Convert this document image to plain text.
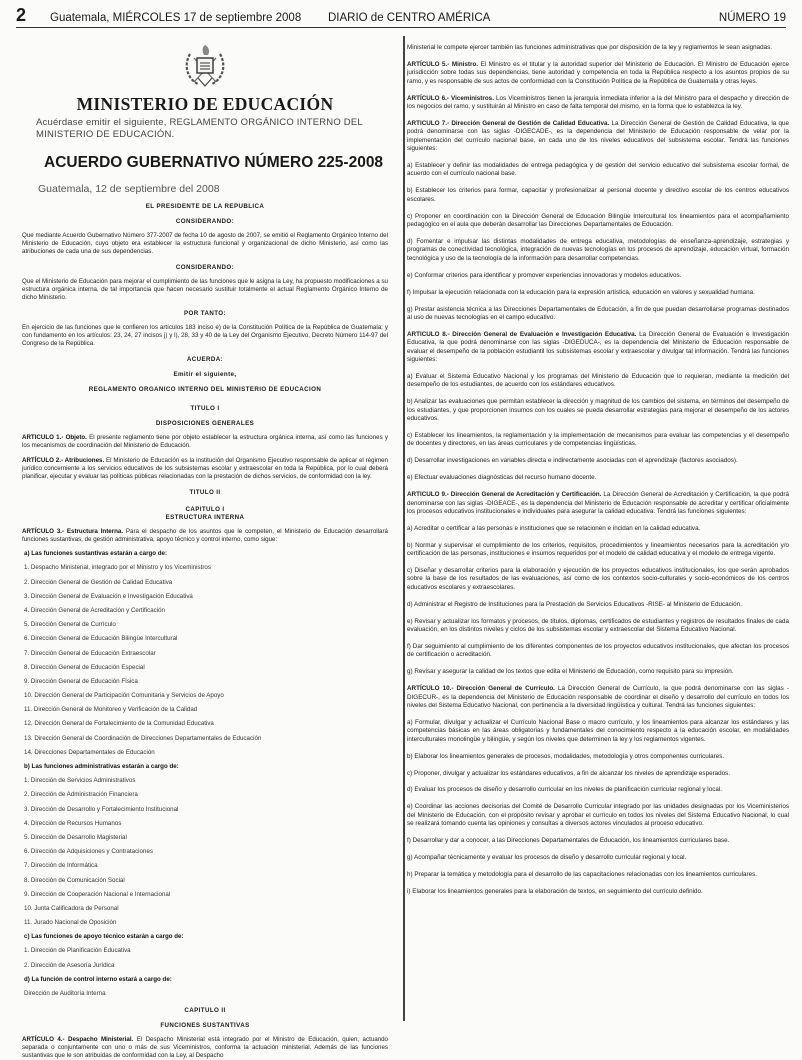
2	Guatemala, MIÉRCOLES 17 de septiembre 2008	DIARIO de CENTRO AMÉRICA	NÚMERO 19
MINISTERIO DE EDUCACIÓN
Acuérdase emitir el siguiente, REGLAMENTO ORGÁNICO INTERNO DEL MINISTERIO DE EDUCACIÓN.
ACUERDO GUBERNATIVO NÚMERO 225-2008
Guatemala, 12 de septiembre del 2008
EL PRESIDENTE DE LA REPUBLICA
CONSIDERANDO:
Que mediante Acuerdo Gubernativo Número 377-2007 de fecha 10 de agosto de 2007, se emitió el Reglamento Orgánico Interno del Ministerio de Educación, cuyo objeto era establecer la estructura funcional y organizacional de dicho Ministerio, así como las atribuciones de cada una de sus dependencias.
CONSIDERANDO:
Que el Ministerio de Educación para mejorar el cumplimiento de las funciones que le asigna la Ley, ha propuesto modificaciones a su estructura orgánica interna, de tal importancia que hacen necesario sustituir totalmente el actual Reglamento Orgánico Interno de dicho Ministerio.
POR TANTO:
En ejercicio de las funciones que le confieren los artículos 183 inciso e) de la Constitución Política de la República de Guatemala; y con fundamento en los artículos: 23, 24, 27 incisos j) y l), 28, 33 y 40 de la Ley del Organismo Ejecutivo, Decreto Número 114-97 del Congreso de la República.
ACUERDA:
Emitir el siguiente,
REGLAMENTO ORGANICO INTERNO DEL MINISTERIO DE EDUCACION
TITULO I
DISPOSICIONES GENERALES
ARTICULO 1.- Objeto. El presente reglamento tiene por objeto establecer la estructura orgánica interna, así como las funciones y los mecanismos de coordinación del Ministerio de Educación.
ARTÍCULO 2.- Atribuciones. El Ministerio de Educación es la institución del Organismo Ejecutivo responsable de aplicar el régimen jurídico concerniente a los servicios educativos de los subsistemas escolar y extraescolar en toda la República, por lo cual deberá planificar, ejecutar y evaluar las políticas públicas relacionadas con la prestación de dichos servicios, de conformidad con la ley.
TITULO II
CAPITULO I
ESTRUCTURA INTERNA
ARTÍCULO 3.- Estructura Interna. Para el despacho de los asuntos que le competen, el Ministerio de Educación desarrollará funciones sustantivas, de gestión administrativa, apoyo técnico y control interno, como sigue:
a) Las funciones sustantivas estarán a cargo de:
1. Despacho Ministerial, integrado por el Ministro y los Viceministros
2. Dirección General de Gestión de Calidad Educativa
3. Dirección General de Evaluación e Investigación Educativa
4. Dirección General de Acreditación y Certificación
5. Dirección General de Currículo
6. Dirección General de Educación Bilingüe Intercultural
7. Dirección General de Educación Extraescolar
8. Dirección General de Educación Especial
9. Dirección General de Educación Física
10. Dirección General de Participación Comunitaria y Servicios de Apoyo
11. Dirección General de Monitoreo y Verificación de la Calidad
12. Dirección General de Fortalecimiento de la Comunidad Educativa
13. Dirección General de Coordinación de Direcciones Departamentales de Educación
14. Direcciones Departamentales de Educación
b) Las funciones administrativas estarán a cargo de:
1. Dirección de Servicios Administrativos
2. Dirección de Administración Financiera
3. Dirección de Desarrollo y Fortalecimiento Institucional
4. Dirección de Recursos Humanos
5. Dirección de Desarrollo Magisterial
6. Dirección de Adquisiciones y Contrataciones
7. Dirección de Informática
8. Dirección de Comunicación Social
9. Dirección de Cooperación Nacional e Internacional
10. Junta Calificadora de Personal
11. Jurado Nacional de Oposición
c) Las funciones de apoyo técnico estarán a cargo de:
1. Dirección de Planificación Educativa
2. Dirección de Asesoría Jurídica
d) La función de control interno estará a cargo de:
Dirección de Auditoría Interna
CAPITULO II
FUNCIONES SUSTANTIVAS
ARTÍCULO 4.- Despacho Ministerial. El Despacho Ministerial está integrado por el Ministro de Educación, quien, actuando separada o conjuntamente con uno o más de sus Viceministros, conforma la actuación ministerial. Además de las funciones sustantivas que le son atribuidas de conformidad con la Ley, al Despacho
Ministerial le compete ejercer también las funciones administrativas que por disposición de la ley y reglamentos le sean asignadas.
ARTÍCULO 5.- Ministro. El Ministro es el titular y la autoridad superior del Ministerio de Educación. El Ministro de Educación ejerce jurisdicción sobre todas sus dependencias, tiene autoridad y competencia en toda la República respecto a los asuntos propios de su ramo, y es responsable de sus actos de conformidad con la Constitución Política de la República de Guatemala y otras leyes.
ARTÍCULO 6.- Viceministros. Los Viceministros tienen la jerarquía inmediata inferior a la del Ministro para el despacho y dirección de los negocios del ramo, y sustituirán al Ministro en caso de falta temporal del mismo, en la forma que lo establezca la ley.
ARTICULO 7.- Dirección General de Gestión de Calidad Educativa. La Dirección General de Gestión de Calidad Educativa, la que podrá denominarse con las siglas -DIGECADE-, es la dependencia del Ministerio de Educación responsable de velar por la implementación del currículo nacional base, en cada uno de los niveles educativos del subsistema escolar. Tendrá las funciones siguientes:
a) Establecer y definir las modalidades de entrega pedagógica y de gestión del servicio educativo del subsistema escolar formal, de acuerdo con el currículo nacional base.
b) Establecer los criterios para formar, capacitar y profesionalizar al personal docente y directivo escolar de los centros educativos escolares.
c) Proponer en coordinación con la Dirección General de Educación Bilingüe Intercultural los lineamientos para el acompañamiento pedagógico en el aula que deberán desarrollar las Direcciones Departamentales de Educación.
d) Fomentar e impulsar las distintas modalidades de entrega educativa, metodologías de enseñanza-aprendizaje, estrategias y programas de conectividad tecnológica, integración de nuevas tecnologías en los procesos de aprendizaje, educación virtual, formación tecnológica y uso de la tecnología de la información para desarrollar competencias.
e) Conformar criterios para identificar y promover experiencias innovadoras y modelos educativos.
f) Impulsar la ejecución relacionada con la educación para la expresión artística, educación en valores y sexualidad humana.
g) Prestar asistencia técnica a las Direcciones Departamentales de Educación, a fin de que puedan desarrollarse programas destinados al uso de nuevas tecnologías en el campo educativo.
ARTICULO 8.- Dirección General de Evaluación e Investigación Educativa. La Dirección General de Evaluación e Investigación Educativa, la que podrá denominarse con las siglas -DIGEDUCA-, es la dependencia del Ministerio de Educación responsable de evaluar el desempeño de la población estudiantil los subsistemas escolar y extraescolar y divulgar tal información. Tendrá las funciones siguientes:
a) Evaluar el Sistema Educativo Nacional y los programas del Ministerio de Educación que lo requieran, mediante la medición del desempeño de los estudiantes, de acuerdo con los estándares educativos.
b) Analizar las evaluaciones que permitan establecer la dirección y magnitud de los cambios del sistema, en términos del desempeño de los estudiantes, y que proporcionen insumos con los cuales se pueda desarrollar estrategias para mejorar el desempeño de los actores educativos.
c) Establecer los lineamientos, la reglamentación y la implementación de mecanismos para evaluar las competencias y el desempeño de docentes y directores, en las áreas curriculares y de competencias lingüísticas.
d) Desarrollar investigaciones en variables directa e indirectamente asociadas con el aprendizaje (factores asociados).
e) Efectuar evaluaciones diagnósticas del recurso humano docente.
ARTICULO 9.- Dirección General de Acreditación y Certificación. La Dirección General de Acreditación y Certificación, la que podrá denominarse con las siglas -DIGEACE-, es la dependencia del Ministerio de Educación responsable de acreditar y certificar oficialmente los procesos educativos institucionales e individuales para asegurar la calidad educativa. Tendrá las funciones siguientes:
a) Acreditar o certificar a las personas e instituciones que se relacionen e incidan en la calidad educativa.
b) Normar y supervisar el cumplimiento de los criterios, requisitos, procedimientos y lineamientos necesarios para la acreditación y/o certificación de las personas, instituciones e insumos requeridos por el modelo de calidad educativa y el modelo de entrega vigente.
c) Diseñar y desarrollar criterios para la elaboración y ejecución de los proyectos educativos institucionales, los que serán aprobados sobre la base de los resultados de las evaluaciones, así como de los contextos socio-culturales y socio-económicos de los centros educativos escolares y extraescolares.
d) Administrar el Registro de Instituciones para la Prestación de Servicios Educativos -RISE- al Ministerio de Educación.
e) Revisar y actualizar los formatos y procesos, de títulos, diplomas, certificados de estudiantes y registros de resultados finales de cada evaluación, en los distintos niveles y ciclos de los subsistemas escolar y extraescolar del Sistema Educativo Nacional.
f) Dar seguimiento al cumplimiento de los diferentes componentes de los proyectos educativos institucionales, que afectan los procesos de certificación o acreditación.
g) Revisar y asegurar la calidad de los textos que edita el Ministerio de Educación, como requisito para su impresión.
ARTÍCULO 10.- Dirección General de Currículo. La Dirección General de Currículo, la que podrá denominarse con las siglas -DIGECUR-, es la dependencia del Ministerio de Educación responsable de coordinar el diseño y desarrollo del currículo en todos los niveles del Sistema Educativo Nacional, con pertinencia a la diversidad lingüística y cultural. Tendrá las funciones siguientes:
a) Formular, divulgar y actualizar el Currículo Nacional Base o macro currículo, y los lineamientos para alcanzar los estándares y las competencias básicas en las áreas obligatorias y fundamentales del conocimiento respecto a la educación escolar, en modalidades interculturales monolingüe y bilingüe, y según los niveles que determinen la ley y los reglamentos vigentes.
b) Elaborar los lineamientos generales de procesos, modalidades, metodología y otros componentes curriculares.
c) Proponer, divulgar y actualizar los estándares educativos, a fin de alcanzar los niveles de aprendizaje esperados.
d) Evaluar los procesos de diseño y desarrollo curricular en los niveles de planificación curricular regional y local.
e) Coordinar las acciones decisorias del Comité de Desarrollo Curricular integrado por las unidades designadas por los Viceministerios del Ministerio de Educación, con el propósito revisar y aprobar el currículo en todos los niveles del Sistema Educativo Nacional, lo cual se realizará tomando cuenta las opiniones y consultas a diversos actores vinculados al proceso educativo.
f) Desarrollar y dar a conocer, a las Direcciones Departamentales de Educación, los lineamientos curriculares base.
g) Acompañar técnicamente y evaluar los procesos de diseño y desarrollo curricular regional y local.
h) Preparar la temática y metodología para el desarrollo de las capacitaciones relacionadas con los lineamientos curriculares.
i) Elaborar los lineamientos generales para la elaboración de textos, en seguimiento del currículo definido.
